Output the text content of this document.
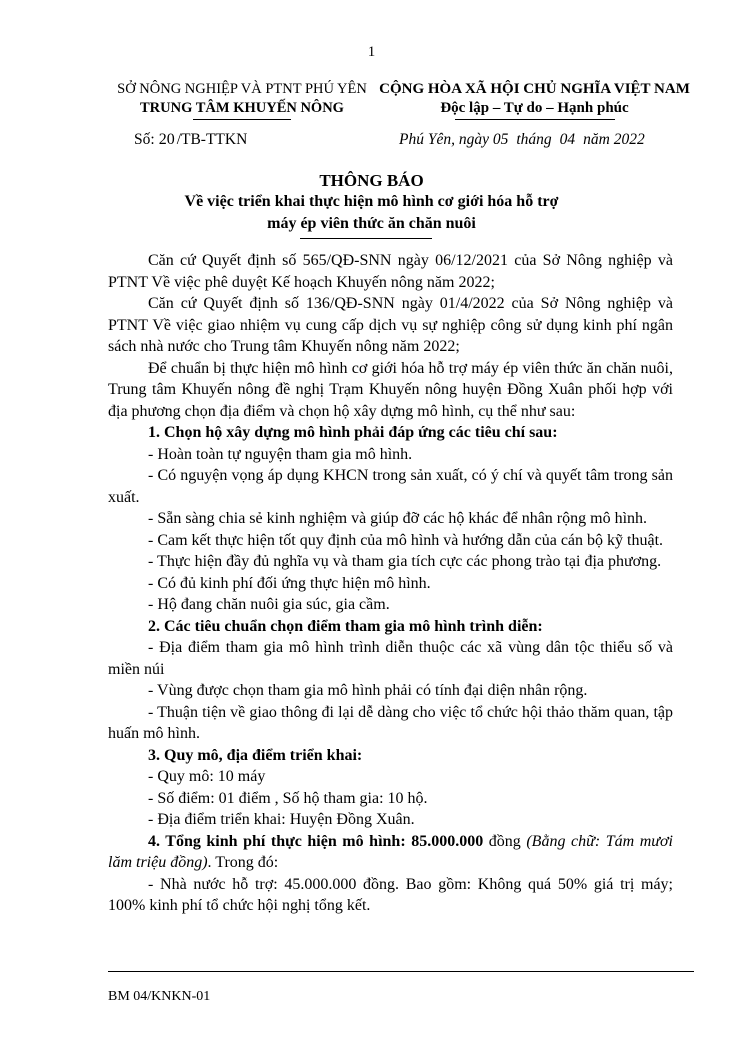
1
SỞ NÔNG NGHIỆP VÀ PTNT PHÚ YÊN
TRUNG TÂM KHUYẾN NÔNG
CỘNG HÒA XÃ HỘI CHỦ NGHĨA VIỆT NAM
Độc lập – Tự do – Hạnh phúc
Số: 20 /TB-TTKN	Phú Yên, ngày 05 tháng 04 năm 2022
THÔNG BÁO
Về việc triển khai thực hiện mô hình cơ giới hóa hỗ trợ
máy ép viên thức ăn chăn nuôi

Căn cứ Quyết định số 565/QĐ-SNN ngày 06/12/2021 của Sở Nông nghiệp và PTNT Về việc phê duyệt Kế hoạch Khuyến nông năm 2022;

Căn cứ Quyết định số 136/QĐ-SNN ngày 01/4/2022 của Sở Nông nghiệp và PTNT Về việc giao nhiệm vụ cung cấp dịch vụ sự nghiệp công sử dụng kinh phí ngân sách nhà nước cho Trung tâm Khuyến nông năm 2022;

Để chuẩn bị thực hiện mô hình cơ giới hóa hỗ trợ máy ép viên thức ăn chăn nuôi, Trung tâm Khuyến nông đề nghị Trạm Khuyến nông huyện Đồng Xuân phối hợp với địa phương chọn địa điểm và chọn hộ xây dựng mô hình, cụ thể như sau:

1. Chọn hộ xây dựng mô hình phải đáp ứng các tiêu chí sau:

- Hoàn toàn tự nguyện tham gia mô hình.

- Có nguyện vọng áp dụng KHCN trong sản xuất, có ý chí và quyết tâm trong sản xuất.

- Sẵn sàng chia sẻ kinh nghiệm và giúp đỡ các hộ khác để nhân rộng mô hình.

- Cam kết thực hiện tốt quy định của mô hình và hướng dẫn của cán bộ kỹ thuật.

- Thực hiện đầy đủ nghĩa vụ và tham gia tích cực các phong trào tại địa phương.

- Có đủ kinh phí đối ứng thực hiện mô hình.

- Hộ đang chăn nuôi gia súc, gia cầm.

2. Các tiêu chuẩn chọn điểm tham gia mô hình trình diễn:

- Địa điểm tham gia mô hình trình diễn thuộc các xã vùng dân tộc thiểu số và miền núi

- Vùng được chọn tham gia mô hình phải có tính đại diện nhân rộng.

- Thuận tiện về giao thông đi lại dễ dàng cho việc tổ chức hội thảo thăm quan, tập huấn mô hình.

3. Quy mô, địa điểm triển khai:

- Quy mô: 10 máy

- Số điểm: 01 điểm , Số hộ tham gia: 10 hộ.

- Địa điểm triển khai: Huyện Đồng Xuân.

4. Tổng kinh phí thực hiện mô hình: 85.000.000 đồng (Bằng chữ: Tám mươi lăm triệu đồng). Trong đó:

- Nhà nước hỗ trợ: 45.000.000 đồng. Bao gồm: Không quá 50% giá trị máy; 100% kinh phí tổ chức hội nghị tổng kết.

BM 04/KNKN-01
